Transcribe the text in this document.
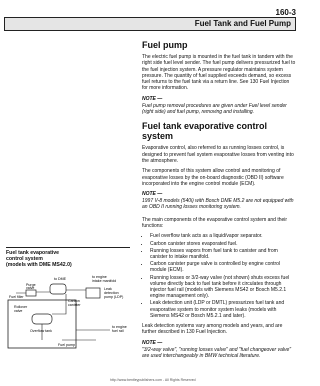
160-3
Fuel Tank and Fuel Pump
Fuel pump

The electric fuel pump is mounted in the fuel tank in tandem with the right side fuel level sender. The fuel pump delivers pressurized fuel to the fuel injection system. A pressure regulator maintains system pressure. The quantity of fuel supplied exceeds demand, so excess fuel returns to the fuel tank via a return line. See 130 Fuel Injection for more information.

NOTE —
Fuel pump removal procedures are given under Fuel level sender (right side) and fuel pump, removing and installing.
Fuel tank evaporative control system

Evaporative control, also referred to as running losses control, is designed to prevent fuel system evaporative losses from venting into the atmosphere.

The components of this system allow control and monitoring of evaporative losses by the on-board diagnostic (OBD II) software incorporated into the engine control module (ECM).

NOTE —
1997 V-8 models (540i) with Bosch DME M5.2 are not equipped with an OBD II running losses monitoring system.

The main components of the evaporative control system and their functions:

• Fuel overflow tank acts as a liquid/vapor separator.
• Carbon canister stores evaporated fuel.
• Running losses vapors from fuel tank to canister and from canister to intake manifold.
• Carbon canister purge valve is controlled by engine control module (ECM).
• Running losses or 3/2-way valve (not shown) shuts excess fuel volume directly back to fuel tank before it circulates through injector fuel rail (models with Siemens MS42 or Bosch M5.2.1 engine management only).
• Leak detection unit (LDP or DMTL) pressurizes fuel tank and evaporative system to monitor system leaks (models with Siemens MS42 or Bosch M5.2.1 and later).

Leak detection systems vary among models and years, and are further described in 130 Fuel Injection.

NOTE —
"3/2-way valve", "running losses valve" and "fuel changeover valve" are used interchangeably in BMW technical literature.
Fuel tank evaporative
control system
(models with DME MS42.0)
to engine
intake manifold
to DME
Leak
detection
pump (LDP)
Purge
valve
Carbon
canister
to engine
fuel rail
Rollover
valve
Fuel filler
Overflow tank
Fuel pump
http://www.bentleypublishers.com - All Rights Reserved
